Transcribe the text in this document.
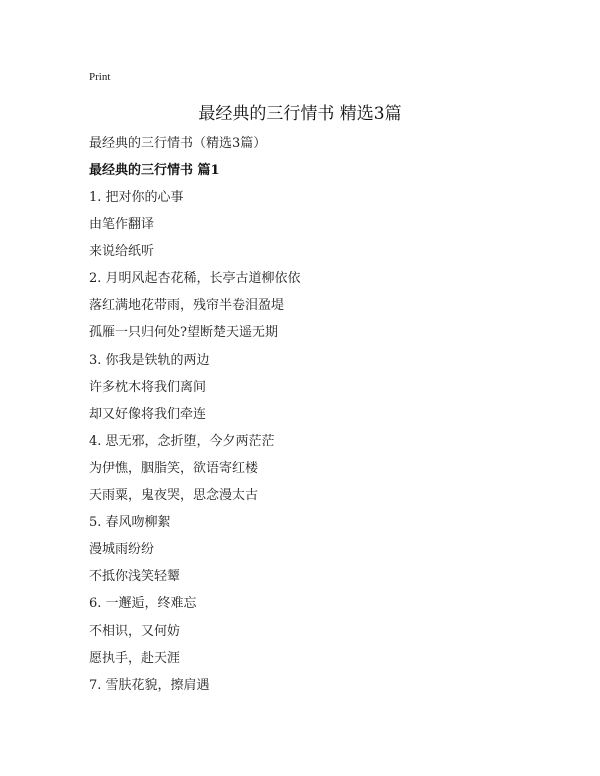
Print
最经典的三行情书 精选3篇
最经典的三行情书（精选3篇）
最经典的三行情书 篇1
1. 把对你的心事
由笔作翻译
来说给纸听
2. 月明风起杏花稀，长亭古道柳依依
落红满地花带雨，残帘半卷泪盈堤
孤雁一只归何处?望断楚天遥无期
3. 你我是铁轨的两边
许多枕木将我们离间
却又好像将我们牵连
4. 思无邪，念折堕，今夕两茫茫
为伊憔，胭脂笑，欲语寄红楼
天雨粟，鬼夜哭，思念漫太古
5. 春风吻柳絮
漫城雨纷纷
不抵你浅笑轻颦
6. 一邂逅，终难忘
不相识，又何妨
愿执手，赴天涯
7. 雪肤花貌，擦肩遇
